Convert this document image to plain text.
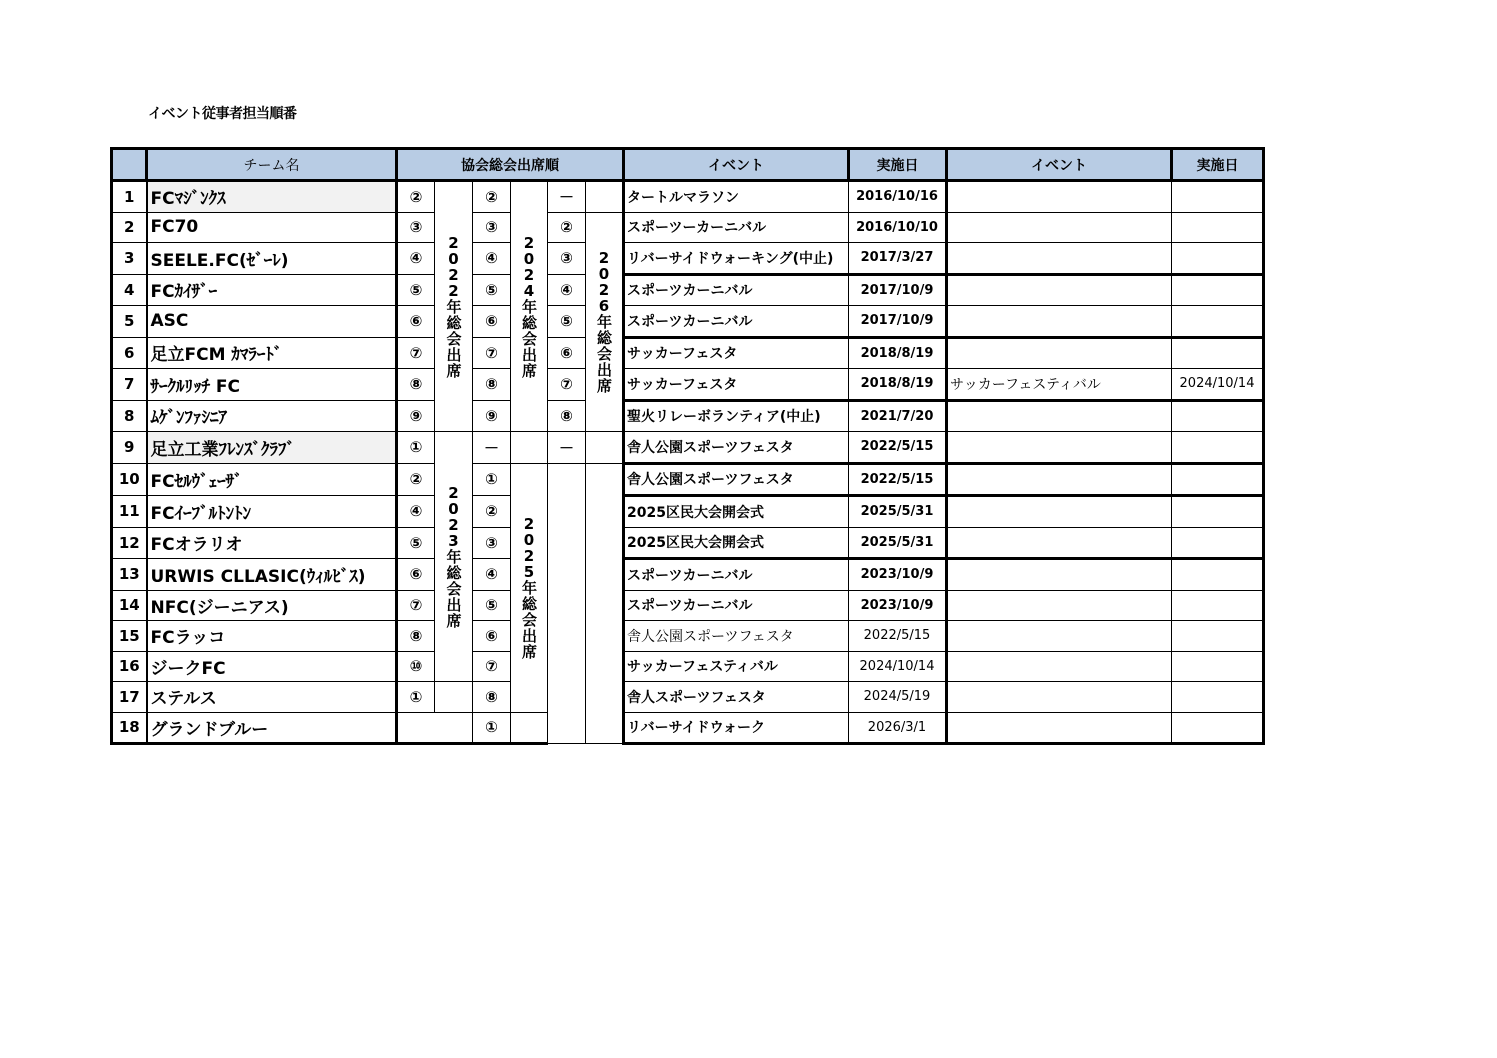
イベント従事者担当順番
	チーム名	協会総会出席順						イベント	実施日	イベント	実施日
1	FCﾏｼﾞﾝｸｽ	②	2022年総会出席	②	2024年総会出席	－		タートルマラソン	2016/10/16		
2	FC70	③		③		②	2026年総会出席	スポーツーカーニバル	2016/10/10		
3	SEELE.FC(ｾﾞｰﾚ)	④		④		③		リバーサイドウォーキング(中止)	2017/3/27		
4	FCｶｲｻﾞｰ	⑤		⑤		④		スポーツカーニバル	2017/10/9		
5	ASC	⑥		⑥		⑤		スポーツカーニバル	2017/10/9		
6	足立FCM ｶﾏﾗｰﾄﾞ	⑦		⑦		⑥		サッカーフェスタ	2018/8/19		
7	ｻｰｸﾙﾘｯﾁ FC	⑧		⑧		⑦		サッカーフェスタ	2018/8/19	サッカーフェスティバル	2024/10/14
8	ﾑｹﾞﾝﾌｧｼﾆｱ	⑨		⑨		⑧		聖火リレーボランティア(中止)	2021/7/20		
9	足立工業ﾌﾚﾝｽﾞｸﾗﾌﾞ	①	2023年総会出席	－		－		舎人公園スポーツフェスタ	2022/5/15		
10	FCｾﾙｳﾞｪｰｻﾞ	②		①	2025年総会出席			舎人公園スポーツフェスタ	2022/5/15		
11	FCｲｰﾌﾞﾙﾄﾝﾄﾝ	④		②				2025区民大会開会式	2025/5/31		
12	FCオラリオ	⑤		③				2025区民大会開会式	2025/5/31		
13	URWIS CLLASIC(ｳｨﾙﾋﾞｽ)	⑥		④				スポーツカーニバル	2023/10/9		
14	NFC(ジーニアス)	⑦		⑤				スポーツカーニバル	2023/10/9		
15	FCラッコ	⑧		⑥				舎人公園スポーツフェスタ	2022/5/15		
16	ジークFC	⑩		⑦				サッカーフェスティバル	2024/10/14		
17	ステルス	①		⑧				舎人スポーツフェスタ	2024/5/19		
18	グランドブルー			①				リバーサイドウォーク	2026/3/1		
